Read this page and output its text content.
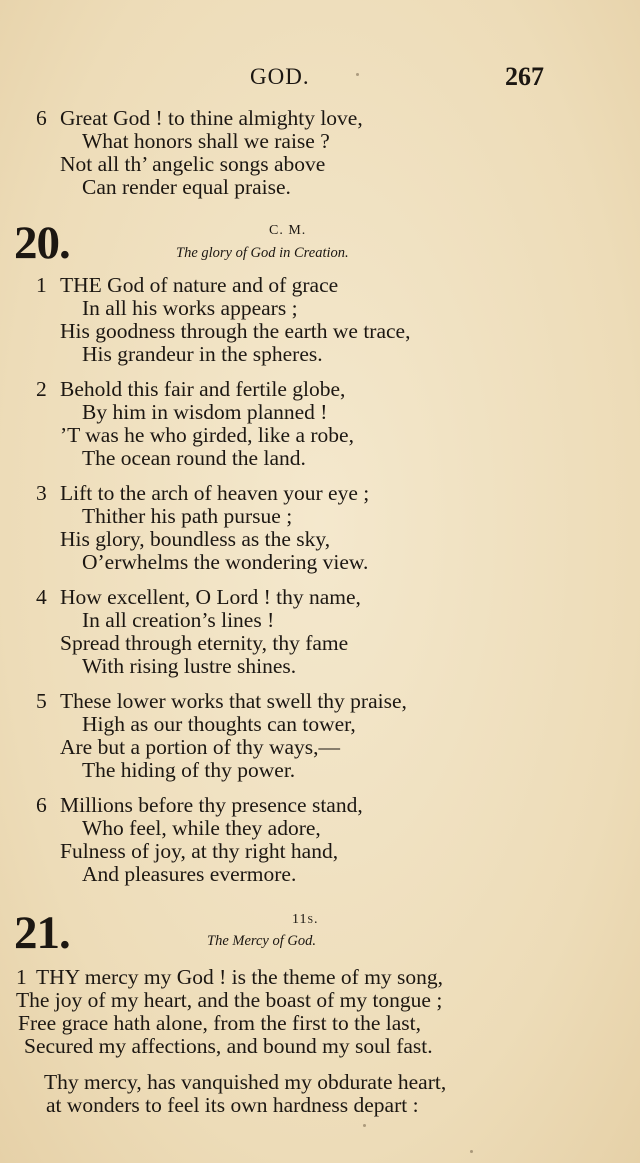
GOD.	267
6 Great God ! to thine almighty love,
What honors shall we raise ?
Not all th’ angelic songs above
Can render equal praise.
20.	C. M.
The glory of God in Creation.
1 THE God of nature and of grace
In all his works appears ;
His goodness through the earth we trace,
His grandeur in the spheres.
2 Behold this fair and fertile globe,
By him in wisdom planned !
’T was he who girded, like a robe,
The ocean round the land.
3 Lift to the arch of heaven your eye ;
Thither his path pursue ;
His glory, boundless as the sky,
O’erwhelms the wondering view.
4 How excellent, O Lord ! thy name,
In all creation’s lines !
Spread through eternity, thy fame
With rising lustre shines.
5 These lower works that swell thy praise,
High as our thoughts can tower,
Are but a portion of thy ways,—
The hiding of thy power.
6 Millions before thy presence stand,
Who feel, while they adore,
Fulness of joy, at thy right hand,
And pleasures evermore.
21.	11s.
The Mercy of God.
1 THY mercy my God ! is the theme of my song,
The joy of my heart, and the boast of my tongue ;
Free grace hath alone, from the first to the last,
Secured my affections, and bound my soul fast.
Thy mercy, has vanquished my obdurate heart,
at wonders to feel its own hardness depart :
